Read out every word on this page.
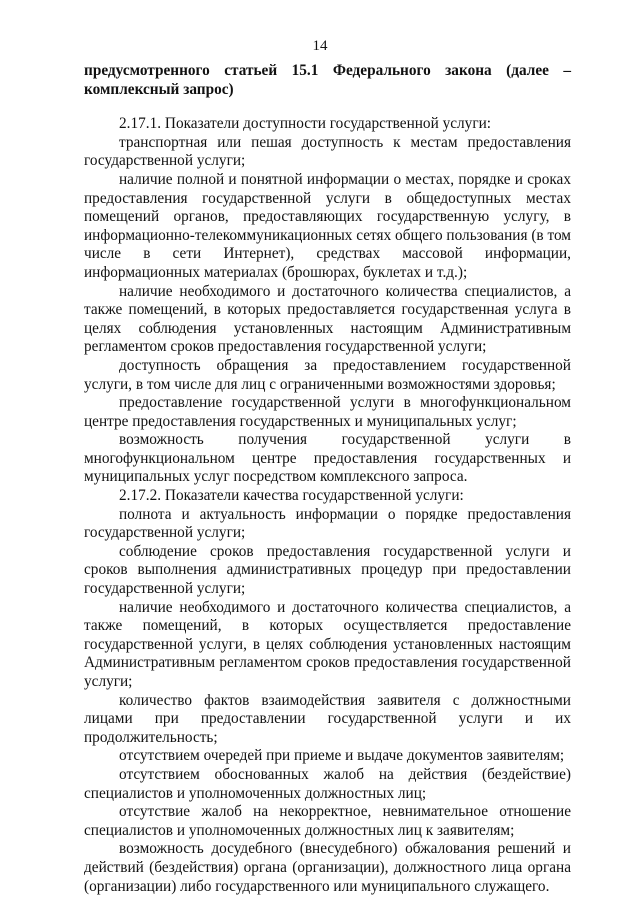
14

предусмотренного статьей 15.1 Федерального закона (далее – комплексный запрос)

2.17.1. Показатели доступности государственной услуги:

транспортная или пешая доступность к местам предоставления государственной услуги;

наличие полной и понятной информации о местах, порядке и сроках предоставления государственной услуги в общедоступных местах помещений органов, предоставляющих государственную услугу, в информационно-телекоммуникационных сетях общего пользования (в том числе в сети Интернет), средствах массовой информации, информационных материалах (брошюрах, буклетах и т.д.);

наличие необходимого и достаточного количества специалистов, а также помещений, в которых предоставляется государственная услуга в целях соблюдения установленных настоящим Административным регламентом сроков предоставления государственной услуги;

доступность обращения за предоставлением государственной услуги, в том числе для лиц с ограниченными возможностями здоровья;

предоставление государственной услуги в многофункциональном центре предоставления государственных и муниципальных услуг;

возможность получения государственной услуги в многофункциональном центре предоставления государственных и муниципальных услуг посредством комплексного запроса.

2.17.2. Показатели качества государственной услуги:

полнота и актуальность информации о порядке предоставления государственной услуги;

соблюдение сроков предоставления государственной услуги и сроков выполнения административных процедур при предоставлении государственной услуги;

наличие необходимого и достаточного количества специалистов, а также помещений, в которых осуществляется предоставление государственной услуги, в целях соблюдения установленных настоящим Административным регламентом сроков предоставления государственной услуги;

количество фактов взаимодействия заявителя с должностными лицами при предоставлении государственной услуги и их продолжительность;

отсутствием очередей при приеме и выдаче документов заявителям;

отсутствием обоснованных жалоб на действия (бездействие) специалистов и уполномоченных должностных лиц;

отсутствие жалоб на некорректное, невнимательное отношение специалистов и уполномоченных должностных лиц к заявителям;

возможность досудебного (внесудебного) обжалования решений и действий (бездействия) органа (организации), должностного лица органа (организации) либо государственного или муниципального служащего.
